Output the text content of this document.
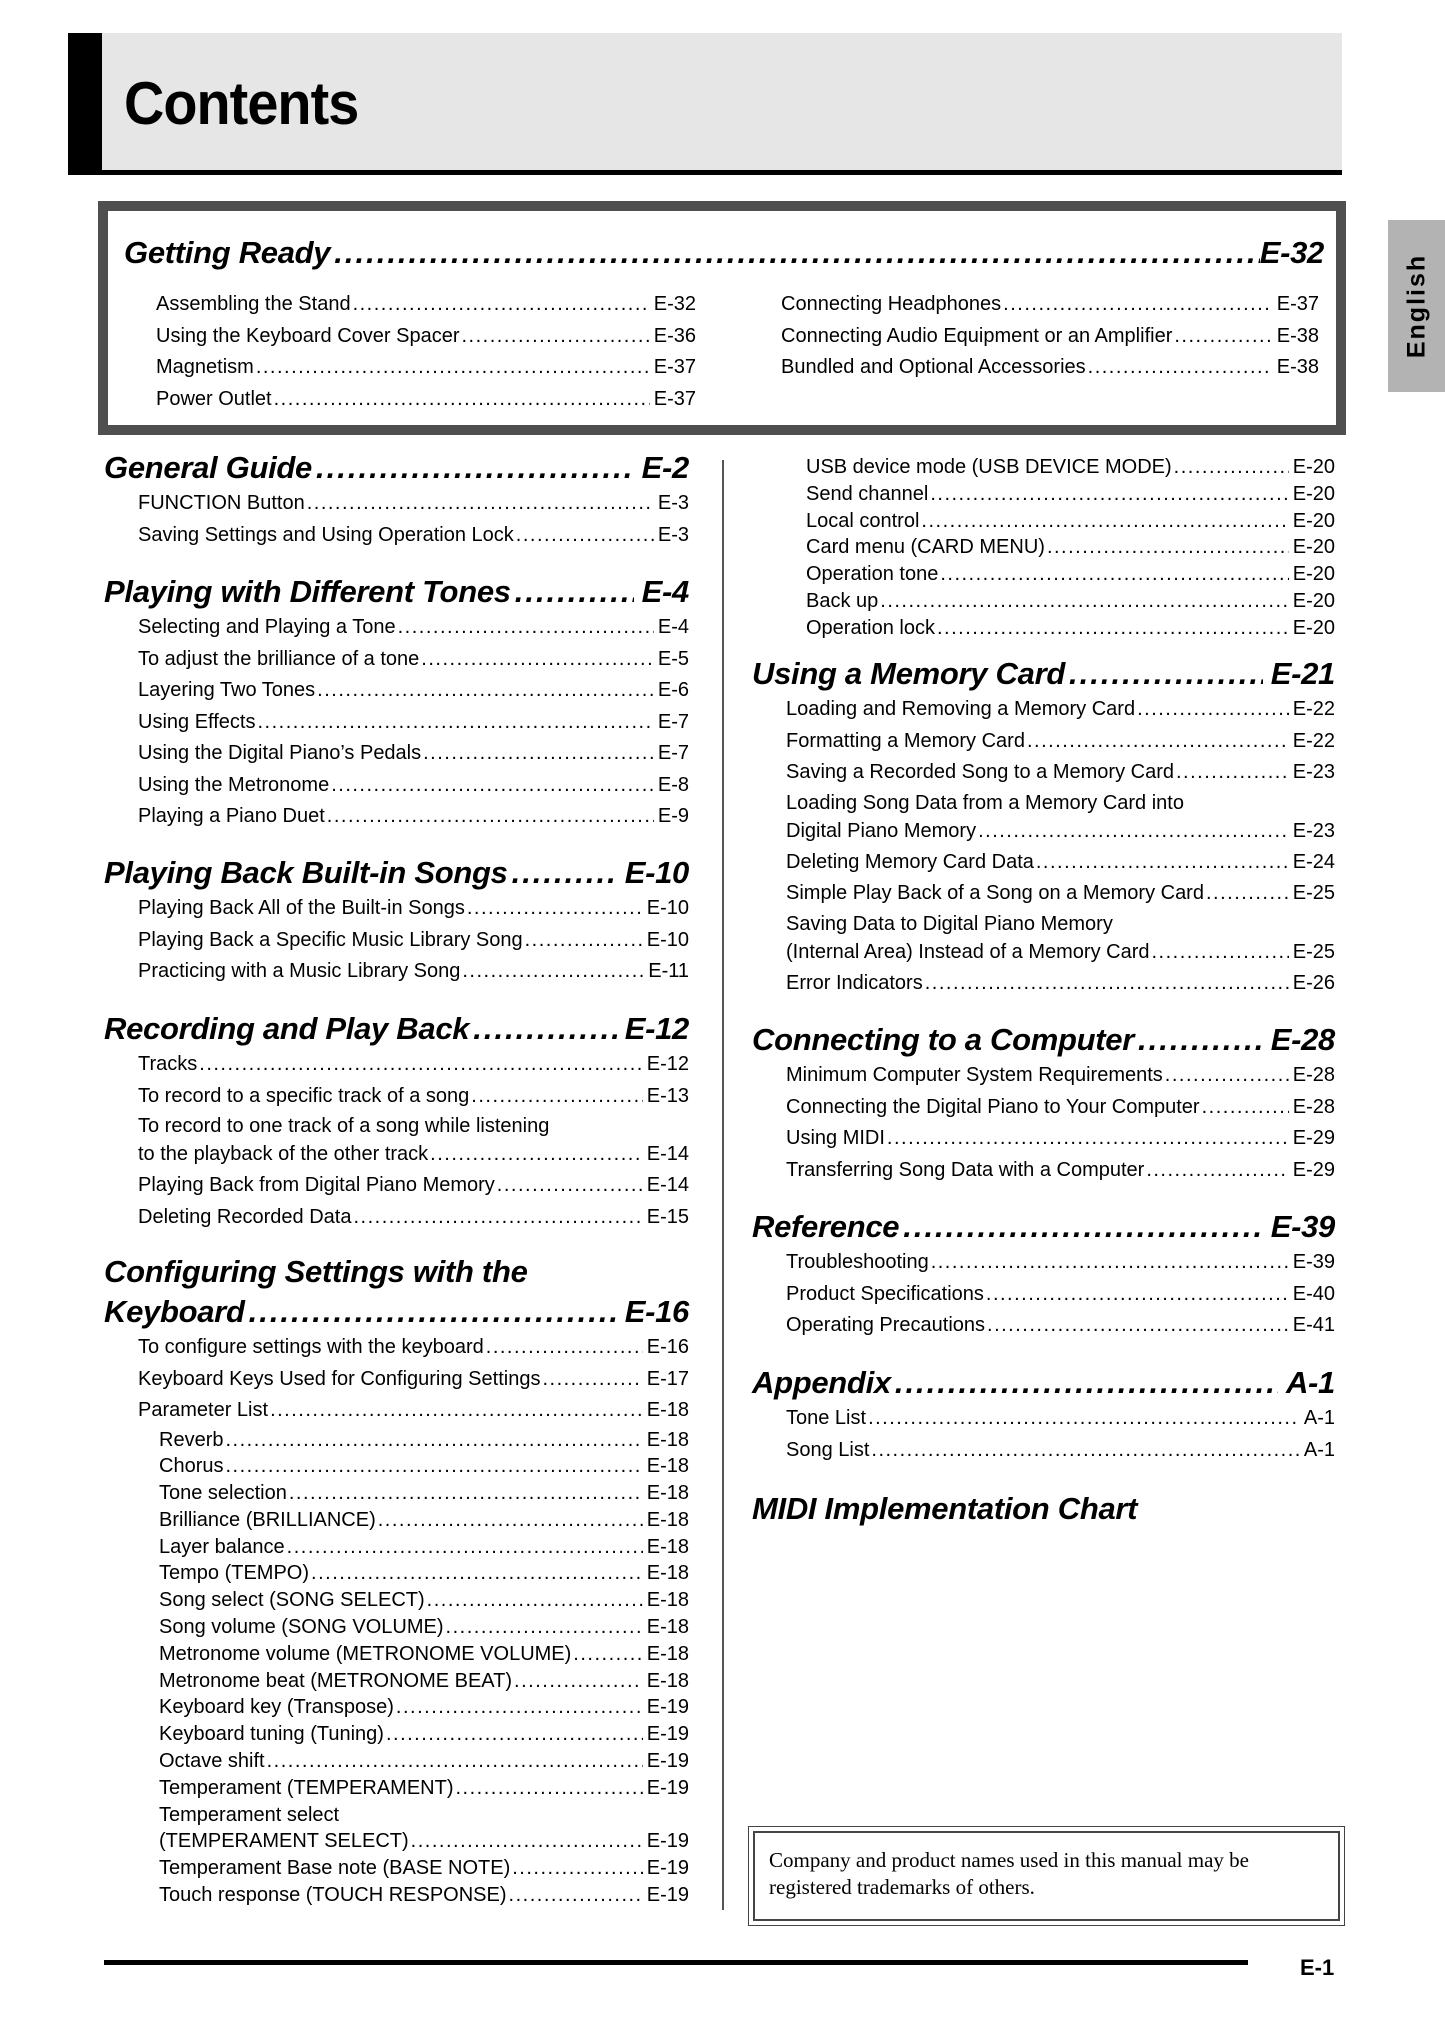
Contents
English
Getting Ready .....	E-32
Assembling the Stand .....	E-32
Using the Keyboard Cover Spacer .....	E-36
Magnetism .....	E-37
Power Outlet .....	E-37
Connecting Headphones .....	E-37
Connecting Audio Equipment or an Amplifier .....	E-38
Bundled and Optional Accessories .....	E-38
General Guide .....	E-2
FUNCTION Button .....	E-3
Saving Settings and Using Operation Lock .....	E-3
Playing with Different Tones .....	E-4
Selecting and Playing a Tone .....	E-4
To adjust the brilliance of a tone .....	E-5
Layering Two Tones .....	E-6
Using Effects .....	E-7
Using the Digital Piano’s Pedals .....	E-7
Using the Metronome .....	E-8
Playing a Piano Duet .....	E-9
Playing Back Built-in Songs .....	E-10
Playing Back All of the Built-in Songs .....	E-10
Playing Back a Specific Music Library Song .....	E-10
Practicing with a Music Library Song .....	E-11
Recording and Play Back .....	E-12
Tracks .....	E-12
To record to a specific track of a song .....	E-13
To record to one track of a song while listening
to the playback of the other track .....	E-14
Playing Back from Digital Piano Memory .....	E-14
Deleting Recorded Data .....	E-15
Configuring Settings with the
Keyboard .....	E-16
To configure settings with the keyboard .....	E-16
Keyboard Keys Used for Configuring Settings .....	E-17
Parameter List .....	E-18
Reverb .....	E-18
Chorus .....	E-18
Tone selection .....	E-18
Brilliance (BRILLIANCE) .....	E-18
Layer balance .....	E-18
Tempo (TEMPO) .....	E-18
Song select (SONG SELECT) .....	E-18
Song volume (SONG VOLUME) .....	E-18
Metronome volume (METRONOME VOLUME) .....	E-18
Metronome beat (METRONOME BEAT) .....	E-18
Keyboard key (Transpose) .....	E-19
Keyboard tuning (Tuning) .....	E-19
Octave shift .....	E-19
Temperament (TEMPERAMENT) .....	E-19
Temperament select
(TEMPERAMENT SELECT) .....	E-19
Temperament Base note (BASE NOTE) .....	E-19
Touch response (TOUCH RESPONSE) .....	E-19
USB device mode (USB DEVICE MODE) .....	E-20
Send channel .....	E-20
Local control .....	E-20
Card menu (CARD MENU) .....	E-20
Operation tone .....	E-20
Back up .....	E-20
Operation lock .....	E-20
Using a Memory Card .....	E-21
Loading and Removing a Memory Card .....	E-22
Formatting a Memory Card .....	E-22
Saving a Recorded Song to a Memory Card .....	E-23
Loading Song Data from a Memory Card into
Digital Piano Memory .....	E-23
Deleting Memory Card Data .....	E-24
Simple Play Back of a Song on a Memory Card .....	E-25
Saving Data to Digital Piano Memory
(Internal Area) Instead of a Memory Card .....	E-25
Error Indicators .....	E-26
Connecting to a Computer .....	E-28
Minimum Computer System Requirements .....	E-28
Connecting the Digital Piano to Your Computer .....	E-28
Using MIDI .....	E-29
Transferring Song Data with a Computer .....	E-29
Reference .....	E-39
Troubleshooting .....	E-39
Product Specifications .....	E-40
Operating Precautions .....	E-41
Appendix .....	A-1
Tone List .....	A-1
Song List .....	A-1
MIDI Implementation Chart

Company and product names used in this manual may be registered trademarks of others.

E-1
